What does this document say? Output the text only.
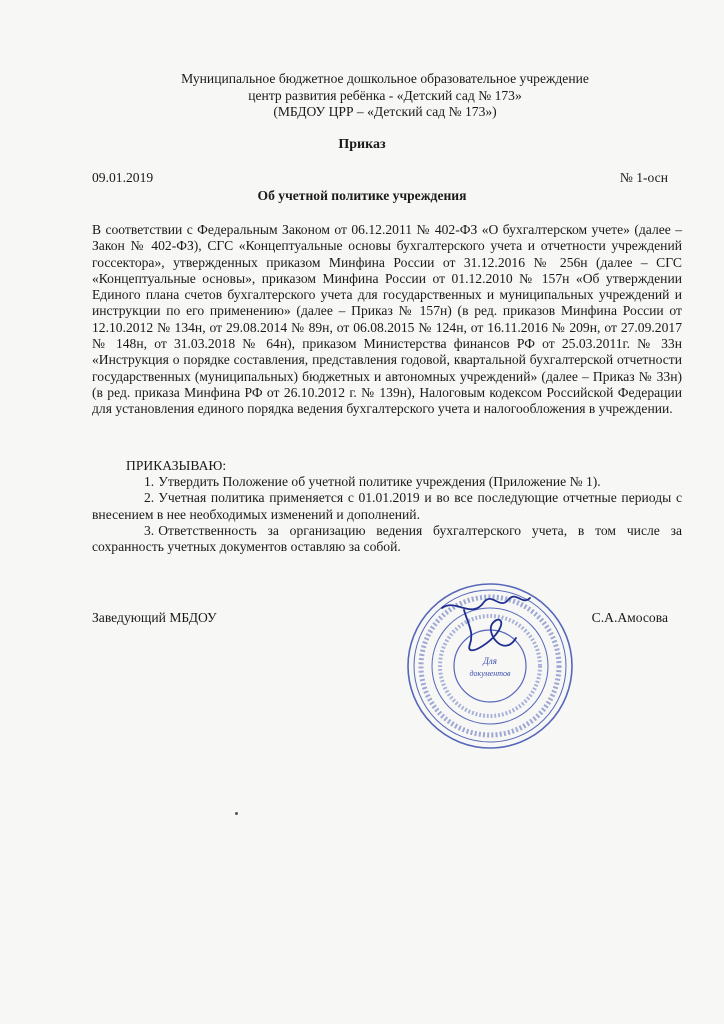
Муниципальное бюджетное дошкольное образовательное учреждение
центр развития ребёнка - «Детский сад № 173»
(МБДОУ ЦРР – «Детский сад № 173»)
Приказ
09.01.2019	№ 1-осн
Об учетной политике учреждения
В соответствии с Федеральным Законом от 06.12.2011 № 402-ФЗ «О бухгалтерском учете» (далее – Закон № 402-ФЗ), СГС «Концептуальные основы бухгалтерского учета и отчетности учреждений госсектора», утвержденных приказом Минфина России от 31.12.2016 № 256н (далее – СГС «Концептуальные основы», приказом Минфина России от 01.12.2010 № 157н «Об утверждении Единого плана счетов бухгалтерского учета для государственных и муниципальных учреждений и инструкции по его применению» (далее – Приказ № 157н) (в ред. приказов Минфина России от 12.10.2012 № 134н, от 29.08.2014 № 89н, от 06.08.2015 № 124н, от 16.11.2016 № 209н, от 27.09.2017 № 148н, от 31.03.2018 № 64н), приказом Министерства финансов РФ от 25.03.2011г. № 33н «Инструкция о порядке составления, представления годовой, квартальной бухгалтерской отчетности государственных (муниципальных) бюджетных и автономных учреждений» (далее – Приказ № 33н) (в ред. приказа Минфина РФ от 26.10.2012 г. № 139н), Налоговым кодексом Российской Федерации для установления единого порядка ведения бухгалтерского учета и налогообложения в учреждении.
ПРИКАЗЫВАЮ:

1. Утвердить Положение об учетной политике учреждения (Приложение № 1).

2. Учетная политика применяется с 01.01.2019 и во все последующие отчетные периоды с внесением в нее необходимых изменений и дополнений.

3. Ответственность за организацию ведения бухгалтерского учета, в том числе за сохранность учетных документов оставляю за собой.

Заведующий МБДОУ	С.А.Амосова
Для
документов
